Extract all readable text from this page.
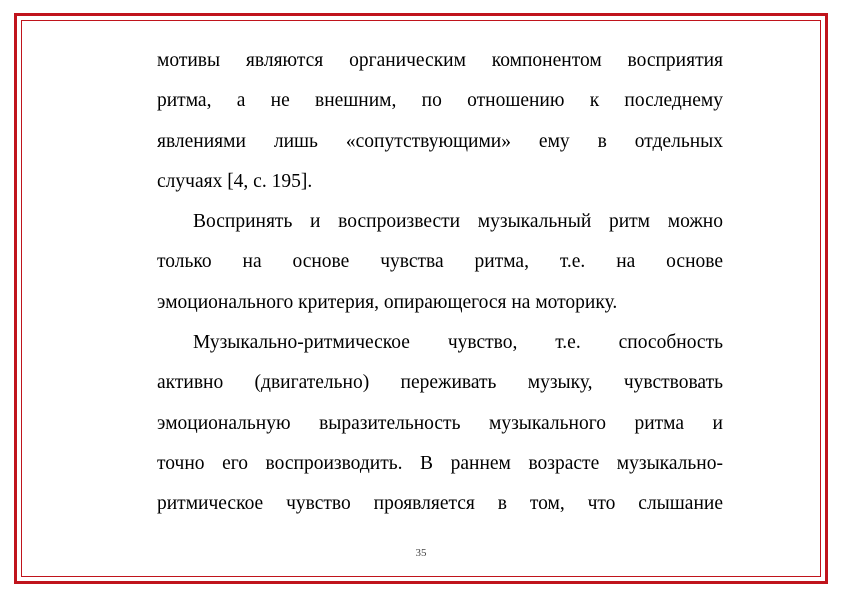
мотивы являются органическим компонентом восприятия
ритма, а не внешним, по отношению к последнему
явлениями лишь «сопутствующими» ему в отдельных
случаях [4, с. 195].
Воспринять и воспроизвести музыкальный ритм можно
только на основе чувства ритма, т.е. на основе
эмоционального критерия, опирающегося на моторику.
Музыкально-ритмическое чувство, т.е. способность
активно (двигательно) переживать музыку, чувствовать
эмоциональную выразительность музыкального ритма и
точно его воспроизводить. В раннем возрасте музыкально-
ритмическое чувство проявляется в том, что слышание
35
